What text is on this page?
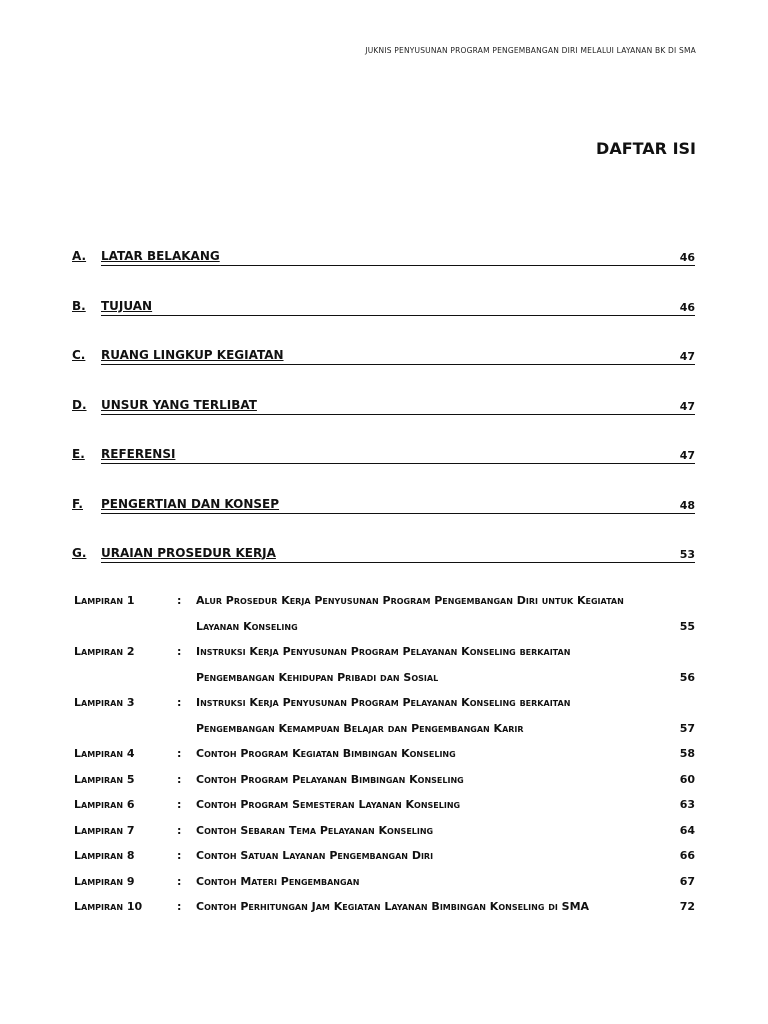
JUKNIS PENYUSUNAN PROGRAM PENGEMBANGAN DIRI MELALUI LAYANAN BK DI SMA
DAFTAR ISI
A. LATAR BELAKANG	46
B. TUJUAN	46
C. RUANG LINGKUP KEGIATAN	47
D. UNSUR YANG TERLIBAT	47
E. REFERENSI	47
F. PENGERTIAN DAN KONSEP	48
G. URAIAN PROSEDUR KERJA	53
Lampiran 1	: Alur Prosedur Kerja Penyusunan Program Pengembangan Diri untuk Kegiatan
Layanan Konseling	55
Lampiran 2	: Instruksi Kerja Penyusunan Program Pelayanan Konseling berkaitan
Pengembangan Kehidupan Pribadi dan Sosial	56
Lampiran 3	: Instruksi Kerja Penyusunan Program Pelayanan Konseling berkaitan
Pengembangan Kemampuan Belajar dan Pengembangan Karir	57
Lampiran 4	: Contoh Program Kegiatan Bimbingan Konseling	58
Lampiran 5	: Contoh Program Pelayanan Bimbingan Konseling	60
Lampiran 6	: Contoh Program Semesteran Layanan Konseling	63
Lampiran 7	: Contoh Sebaran Tema Pelayanan Konseling	64
Lampiran 8	: Contoh Satuan Layanan Pengembangan Diri	66
Lampiran 9	: Contoh Materi Pengembangan	67
Lampiran 10	: Contoh Perhitungan Jam Kegiatan Layanan Bimbingan Konseling di SMA	72
